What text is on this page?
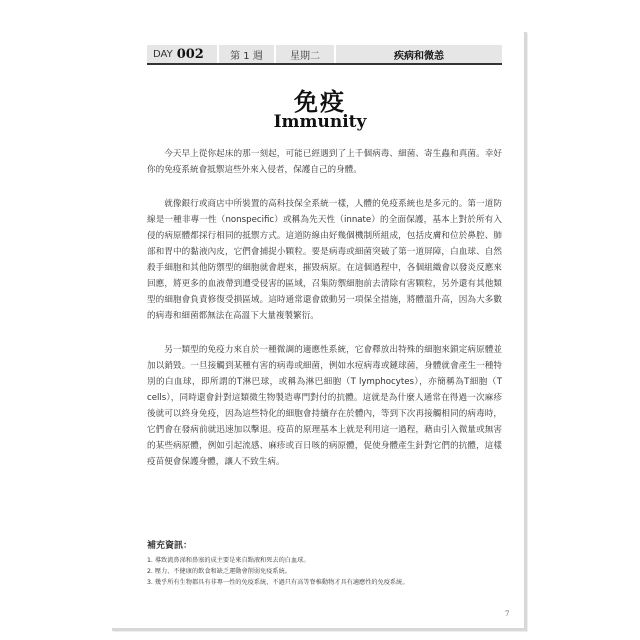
DAY 002	第 1 週	星期二	疾病和微恙
免疫
Immunity

今天早上從你起床的那一刻起，可能已經遇到了上千個病毒、細菌、寄生蟲和真菌。幸好你的免疫系統會抵禦這些外來入侵者，保護自己的身體。

就像銀行或商店中所裝置的高科技保全系統一樣，人體的免疫系統也是多元的。第一道防線是一種非專一性（nonspecific）或稱為先天性（innate）的全面保護，基本上對於所有入侵的病原體都採行相同的抵禦方式。這道防線由好幾個機制所組成，包括皮膚和位於鼻腔、肺部和胃中的黏液內皮，它們會捕捉小顆粒。要是病毒或細菌突破了第一道屏障，白血球、自然殺手細胞和其他防禦型的細胞就會趕來，摧毀病原。在這個過程中，各個組織會以發炎反應來回應，將更多的血液帶到遭受侵害的區域，召集防禦細胞前去清除有害顆粒，另外還有其他類型的細胞會負責修復受損區域。這時通常還會啟動另一項保全措施，將體溫升高，因為大多數的病毒和細菌都無法在高溫下大量複製繁衍。

另一類型的免疫力來自於一種微調的適應性系統，它會釋放出特殊的細胞來鎖定病原體並加以銷毀。一旦接觸到某種有害的病毒或細菌，例如水痘病毒或鏈球菌，身體就會產生一種特別的白血球，即所謂的T淋巴球，或稱為淋巴細胞（T lymphocytes），亦簡稱為T細胞（T cells），同時還會針對這類微生物製造專門對付的抗體。這就是為什麼人通常在得過一次麻疹後就可以終身免疫，因為這些特化的細胞會持續存在於體內，等到下次再接觸相同的病毒時，它們會在發病前就迅速加以擊退。疫苗的原理基本上就是利用這一過程，藉由引入微量或無害的某些病原體，例如引起流感、麻疹或百日咳的病原體，促使身體產生針對它們的抗體，這樣疫苗便會保護身體，讓人不致生病。

補充資訊：
1. 導致流鼻涕和鼻塞的成主要是來自點液和死去的白血球。
2. 壓力、不健康的飲食和缺乏運動會削弱免疫系統。
3. 幾乎所有生物都具有非專一性的免疫系統，不過只有高等脊椎動物才具有適應性的免疫系統。
7
